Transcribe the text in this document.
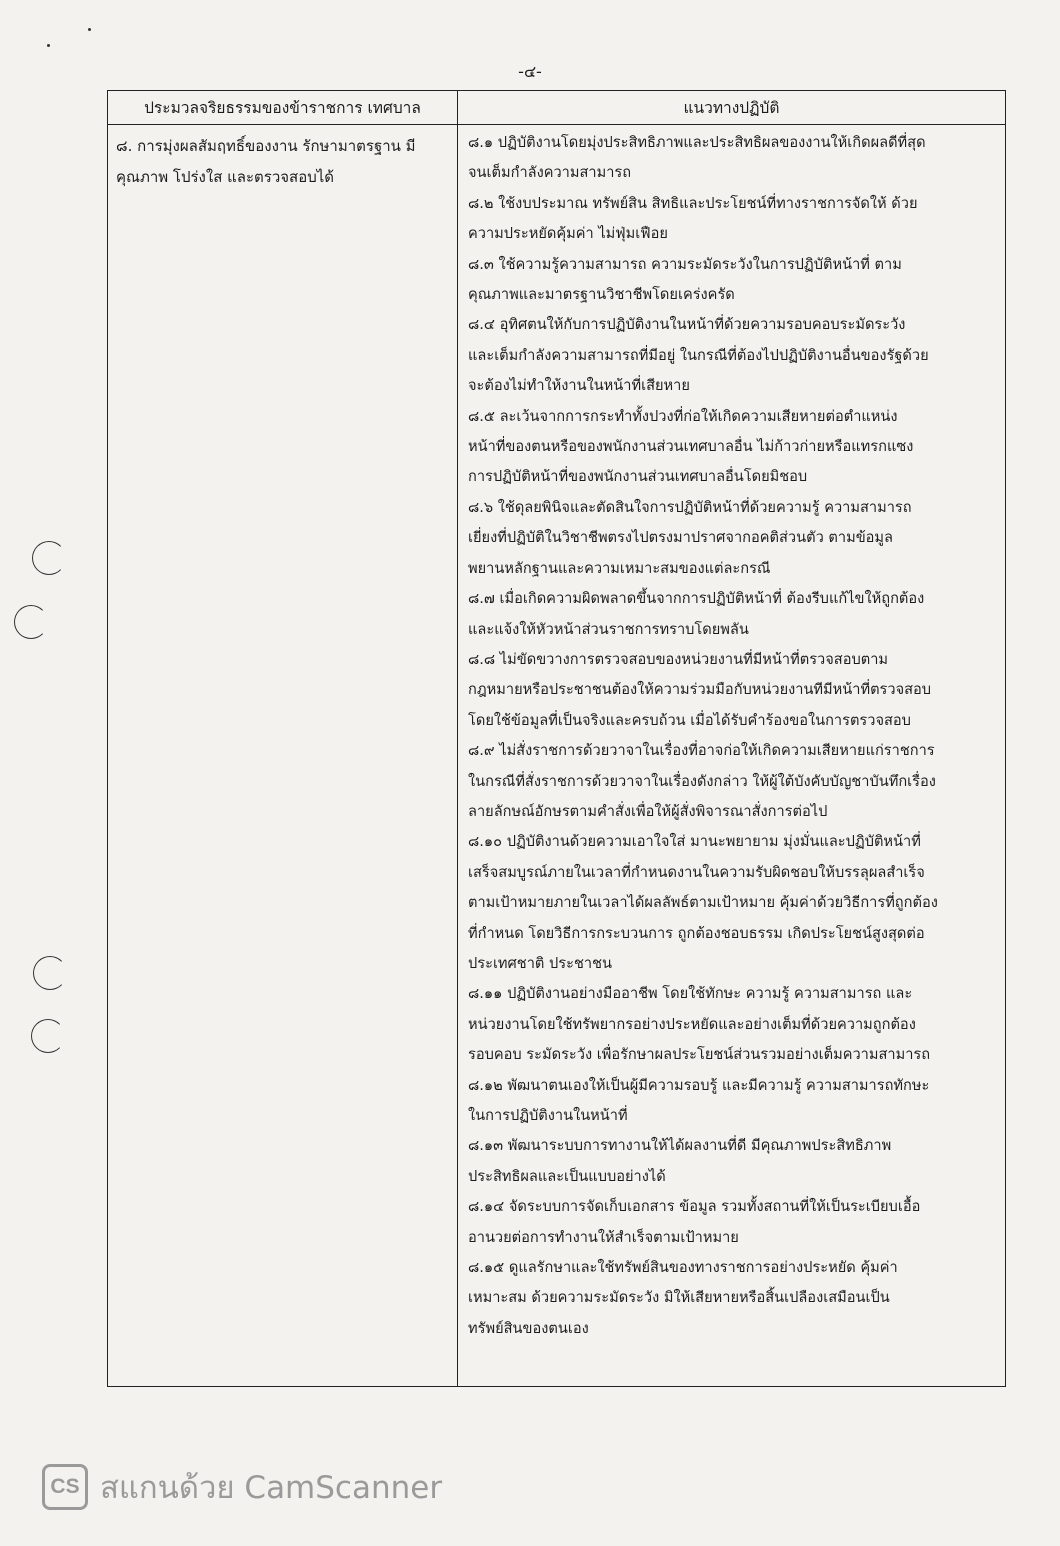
-๔-
ประมวลจริยธรรมของข้าราชการ เทศบาล	แนวทางปฏิบัติ
๘. การมุ่งผลสัมฤทธิ์ของงาน รักษามาตรฐาน มี
คุณภาพ โปร่งใส และตรวจสอบได้
๘.๑ ปฏิบัติงานโดยมุ่งประสิทธิภาพและประสิทธิผลของงานให้เกิดผลดีที่สุด
จนเต็มกำลังความสามารถ
๘.๒ ใช้งบประมาณ ทรัพย์สิน สิทธิและประโยชน์ที่ทางราชการจัดให้ ด้วย
ความประหยัดคุ้มค่า ไม่ฟุ่มเฟือย
๘.๓ ใช้ความรู้ความสามารถ ความระมัดระวังในการปฏิบัติหน้าที่ ตาม
คุณภาพและมาตรฐานวิชาชีพโดยเคร่งครัด
๘.๔ อุทิศตนให้กับการปฏิบัติงานในหน้าที่ด้วยความรอบคอบระมัดระวัง
และเต็มกำลังความสามารถที่มีอยู่ ในกรณีที่ต้องไปปฏิบัติงานอื่นของรัฐด้วย
จะต้องไม่ทำให้งานในหน้าที่เสียหาย
๘.๕ ละเว้นจากการกระทำทั้งปวงที่ก่อให้เกิดความเสียหายต่อตำแหน่ง
หน้าที่ของตนหรือของพนักงานส่วนเทศบาลอื่น ไม่ก้าวก่ายหรือแทรกแซง
การปฏิบัติหน้าที่ของพนักงานส่วนเทศบาลอื่นโดยมิชอบ
๘.๖ ใช้ดุลยพินิจและตัดสินใจการปฏิบัติหน้าที่ด้วยความรู้ ความสามารถ
เยี่ยงที่ปฏิบัติในวิชาชีพตรงไปตรงมาปราศจากอคติส่วนตัว ตามข้อมูล
พยานหลักฐานและความเหมาะสมของแต่ละกรณี
๘.๗ เมื่อเกิดความผิดพลาดขึ้นจากการปฏิบัติหน้าที่ ต้องรีบแก้ไขให้ถูกต้อง
และแจ้งให้หัวหน้าส่วนราชการทราบโดยพลัน
๘.๘ ไม่ขัดขวางการตรวจสอบของหน่วยงานที่มีหน้าที่ตรวจสอบตาม
กฎหมายหรือประชาชนต้องให้ความร่วมมือกับหน่วยงานทีมีหน้าที่ตรวจสอบ
โดยใช้ข้อมูลที่เป็นจริงและครบถ้วน เมื่อได้รับคำร้องขอในการตรวจสอบ
๘.๙ ไม่สั่งราชการด้วยวาจาในเรื่องที่อาจก่อให้เกิดความเสียหายแก่ราชการ
ในกรณีที่สั่งราชการด้วยวาจาในเรื่องดังกล่าว ให้ผู้ใต้บังคับบัญชาบันทึกเรื่อง
ลายลักษณ์อักษรตามคำสั่งเพื่อให้ผู้สั่งพิจารณาสั่งการต่อไป
๘.๑๐ ปฏิบัติงานด้วยความเอาใจใส่ มานะพยายาม มุ่งมั่นและปฏิบัติหน้าที่
เสร็จสมบูรณ์ภายในเวลาที่กำหนดงานในความรับผิดชอบให้บรรลุผลสำเร็จ
ตามเป้าหมายภายในเวลาได้ผลลัพธ์ตามเป้าหมาย คุ้มค่าด้วยวิธีการที่ถูกต้อง
ที่กำหนด โดยวิธีการกระบวนการ ถูกต้องชอบธรรม เกิดประโยชน์สูงสุดต่อ
ประเทศชาติ ประชาชน
๘.๑๑ ปฏิบัติงานอย่างมืออาชีพ โดยใช้ทักษะ ความรู้ ความสามารถ และ
หน่วยงานโดยใช้ทรัพยากรอย่างประหยัดและอย่างเต็มที่ด้วยความถูกต้อง
รอบคอบ ระมัดระวัง เพื่อรักษาผลประโยชน์ส่วนรวมอย่างเต็มความสามารถ
๘.๑๒ พัฒนาตนเองให้เป็นผู้มีความรอบรู้ และมีความรู้ ความสามารถทักษะ
ในการปฏิบัติงานในหน้าที่
๘.๑๓ พัฒนาระบบการทางานให้ได้ผลงานที่ดี มีคุณภาพประสิทธิภาพ
ประสิทธิผลและเป็นแบบอย่างได้
๘.๑๔ จัดระบบการจัดเก็บเอกสาร ข้อมูล รวมทั้งสถานที่ให้เป็นระเบียบเอื้อ
อานวยต่อการทำงานให้สำเร็จตามเป้าหมาย
๘.๑๕ ดูแลรักษาและใช้ทรัพย์สินของทางราชการอย่างประหยัด คุ้มค่า
เหมาะสม ด้วยความระมัดระวัง มิให้เสียหายหรือสิ้นเปลืองเสมือนเป็น
ทรัพย์สินของตนเอง
CS สแกนด้วย CamScanner
